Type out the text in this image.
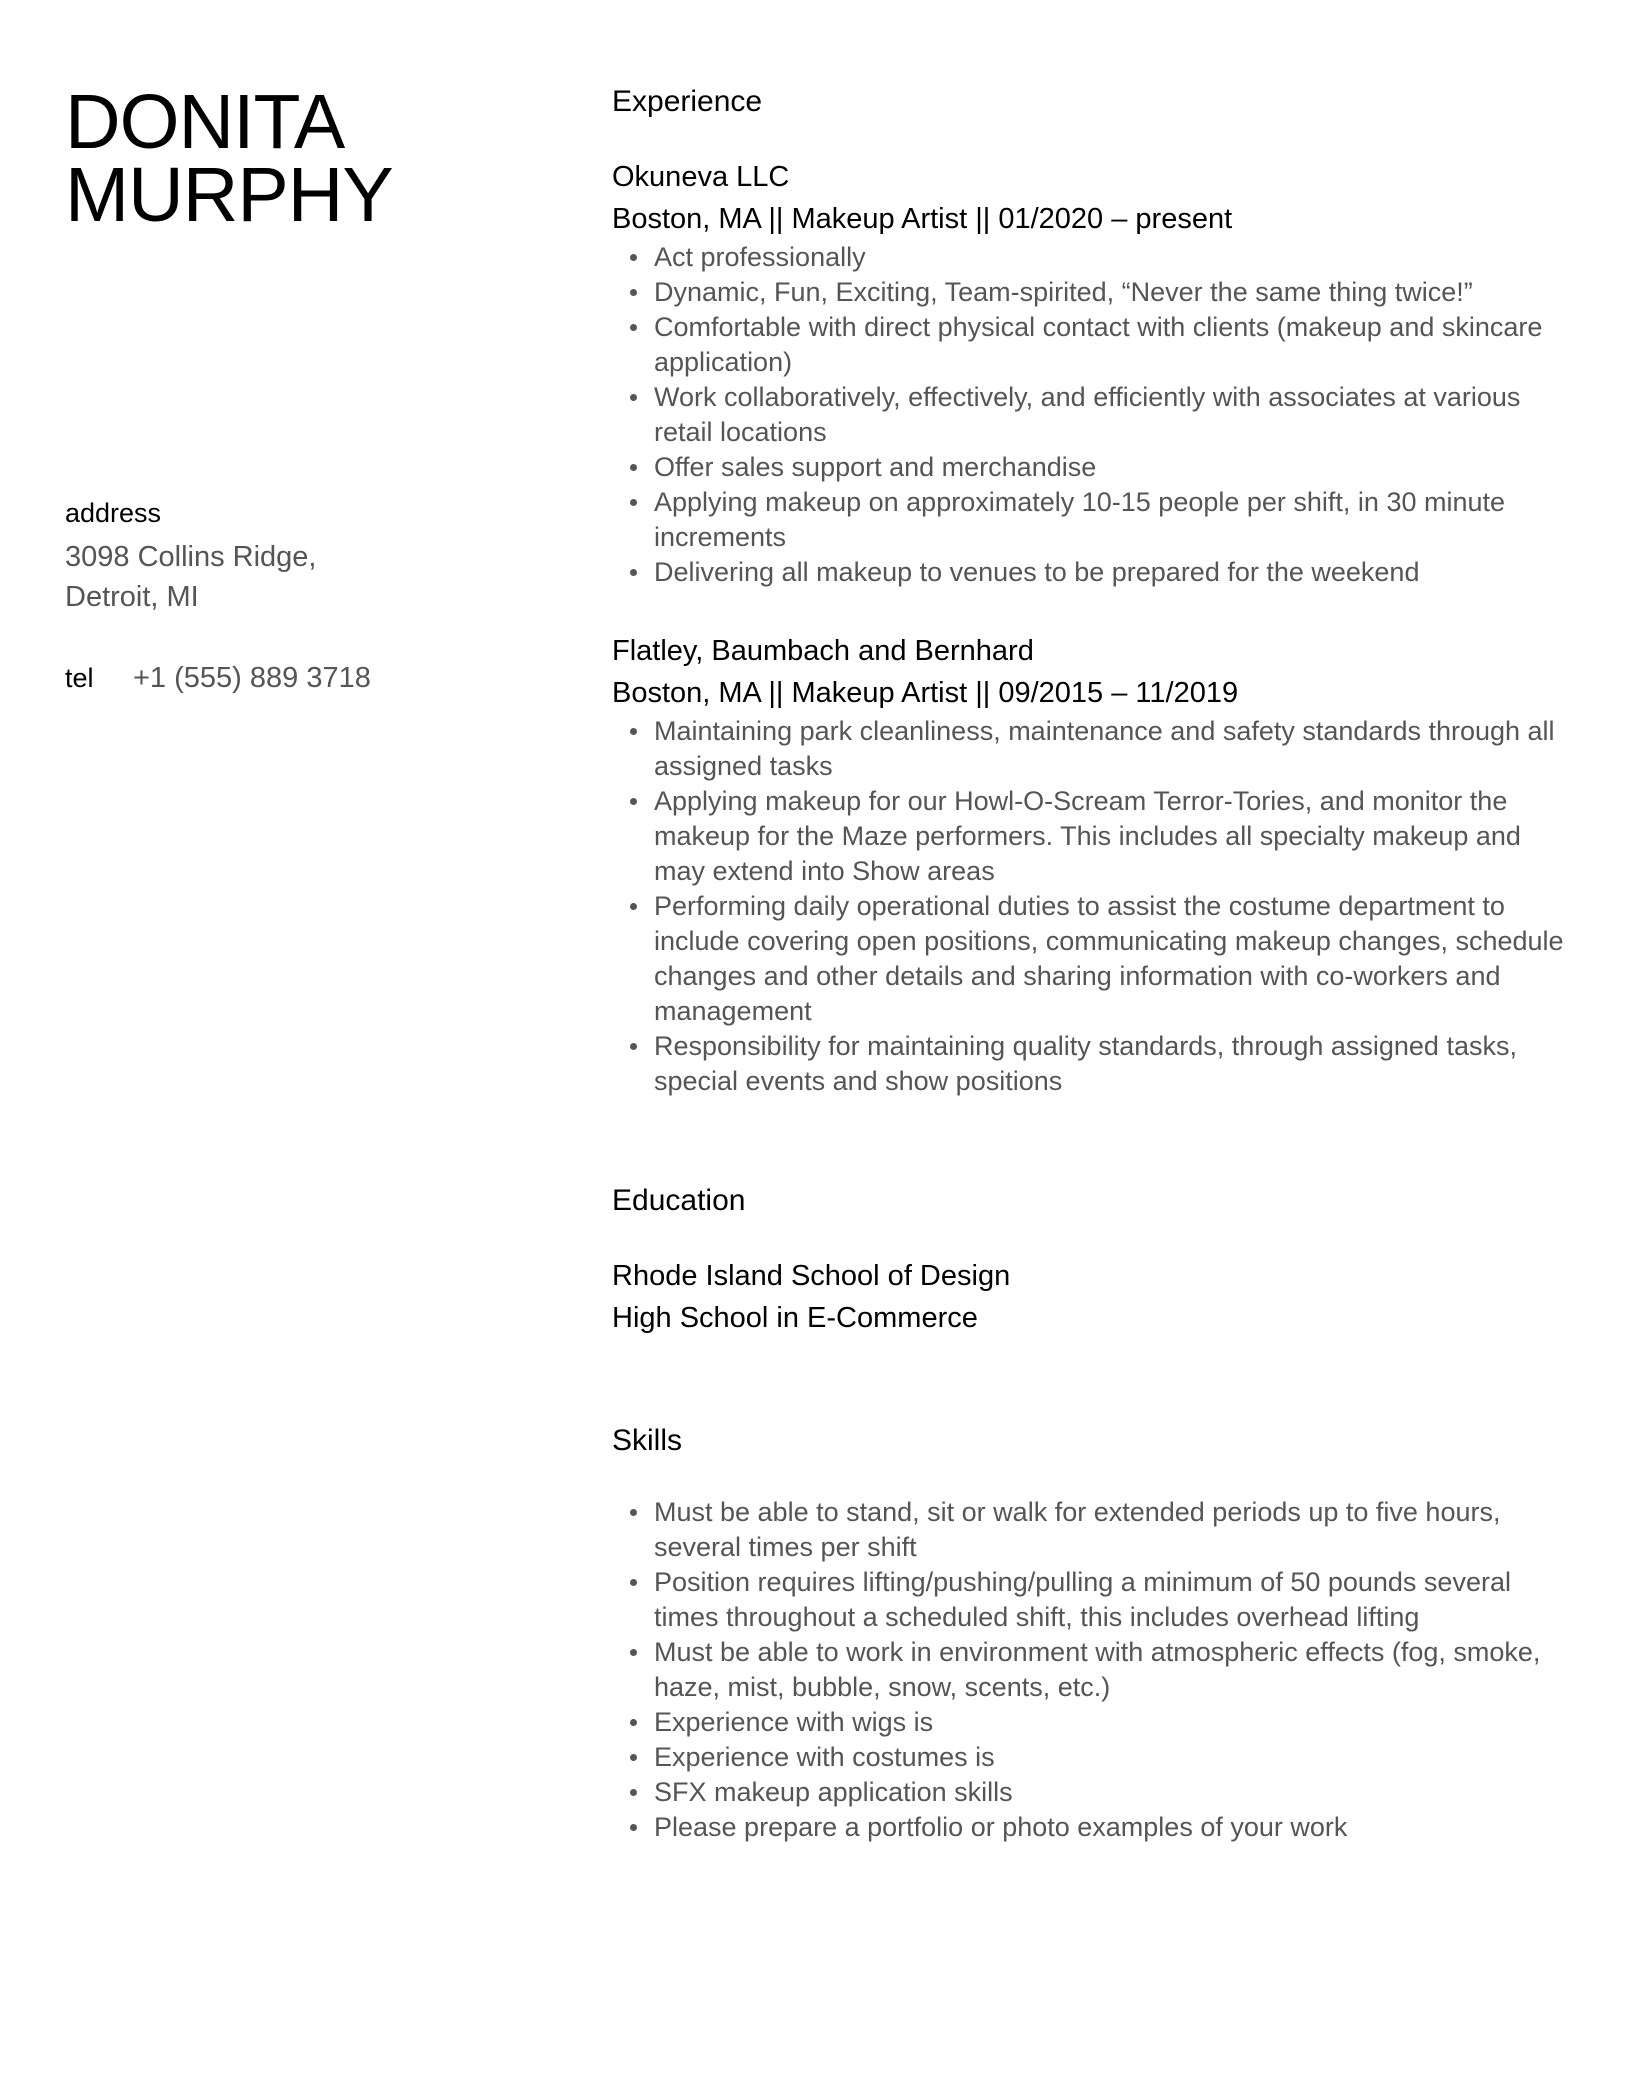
DONITA
MURPHY
address
3098 Collins Ridge,
Detroit, MI
tel	+1 (555) 889 3718
Experience
Okuneva LLC
Boston, MA || Makeup Artist || 01/2020 – present
Act professionally
Dynamic, Fun, Exciting, Team-spirited, “Never the same thing twice!”
Comfortable with direct physical contact with clients (makeup and skincare application)
Work collaboratively, effectively, and efficiently with associates at various retail locations
Offer sales support and merchandise
Applying makeup on approximately 10-15 people per shift, in 30 minute increments
Delivering all makeup to venues to be prepared for the weekend
Flatley, Baumbach and Bernhard
Boston, MA || Makeup Artist || 09/2015 – 11/2019
Maintaining park cleanliness, maintenance and safety standards through all assigned tasks
Applying makeup for our Howl-O-Scream Terror-Tories, and monitor the makeup for the Maze performers. This includes all specialty makeup and may extend into Show areas
Performing daily operational duties to assist the costume department to include covering open positions, communicating makeup changes, schedule changes and other details and sharing information with co-workers and management
Responsibility for maintaining quality standards, through assigned tasks, special events and show positions
Education
Rhode Island School of Design
High School in E-Commerce
Skills
Must be able to stand, sit or walk for extended periods up to five hours, several times per shift
Position requires lifting/pushing/pulling a minimum of 50 pounds several times throughout a scheduled shift, this includes overhead lifting
Must be able to work in environment with atmospheric effects (fog, smoke, haze, mist, bubble, snow, scents, etc.)
Experience with wigs is
Experience with costumes is
SFX makeup application skills
Please prepare a portfolio or photo examples of your work
